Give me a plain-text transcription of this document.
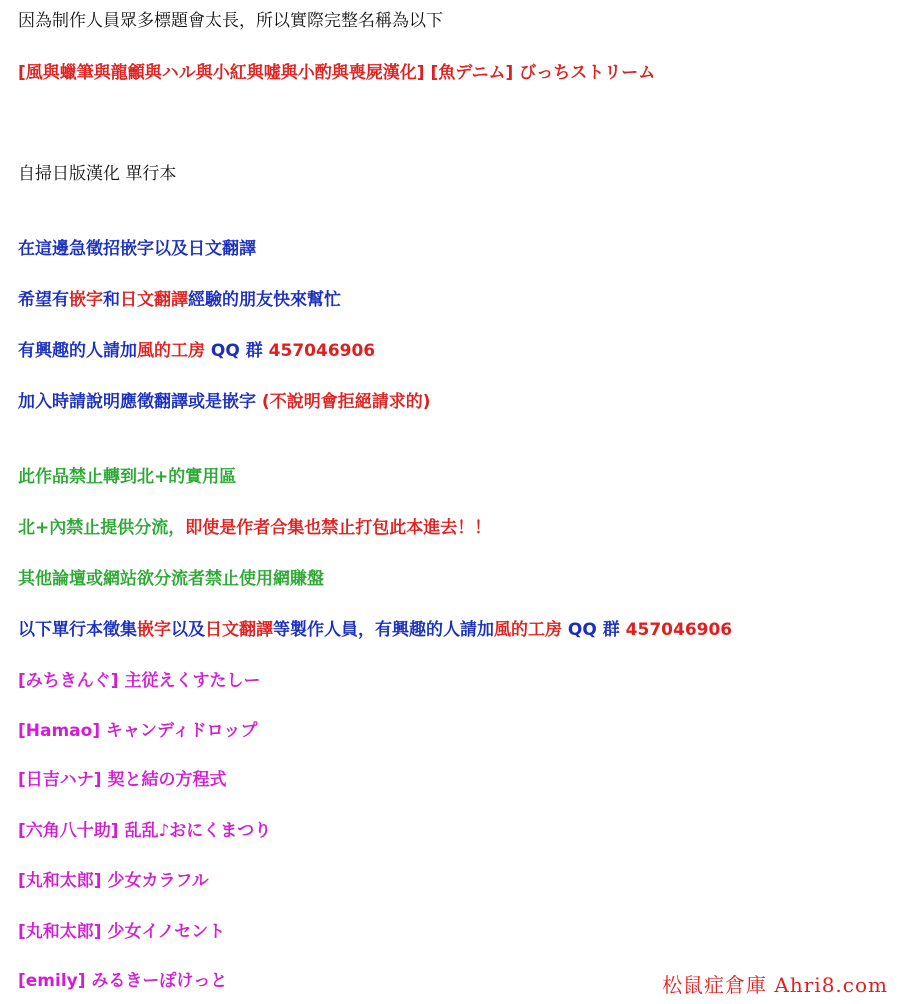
因為制作人員眾多標題會太長，所以實際完整名稱為以下
[風與蠟筆與龍龥與ハル與小紅與嘘與小酌與喪屍漢化] [魚デニム] びっちストリーム
自掃日版漢化 單行本
在這邊急徵招嵌字以及日文翻譯
希望有嵌字和日文翻譯經驗的朋友快來幫忙
有興趣的人請加風的工房 QQ 群 457046906
加入時請說明應徵翻譯或是嵌字 (不說明會拒絕請求的)
此作品禁止轉到北+的實用區
北+內禁止提供分流，即使是作者合集也禁止打包此本進去！！
其他論壇或網站欲分流者禁止使用網賺盤
以下單行本徵集嵌字以及日文翻譯等製作人員，有興趣的人請加風的工房 QQ 群 457046906
[みちきんぐ] 主従えくすたしー
[Hamao] キャンディドロップ
[日吉ハナ] 契と結の方程式
[六角八十助] 乱乱♪おにくまつり
[丸和太郎] 少女カラフル
[丸和太郎] 少女イノセント
[emily] みるきーぽけっと	松鼠症倉庫 Ahri8.com
